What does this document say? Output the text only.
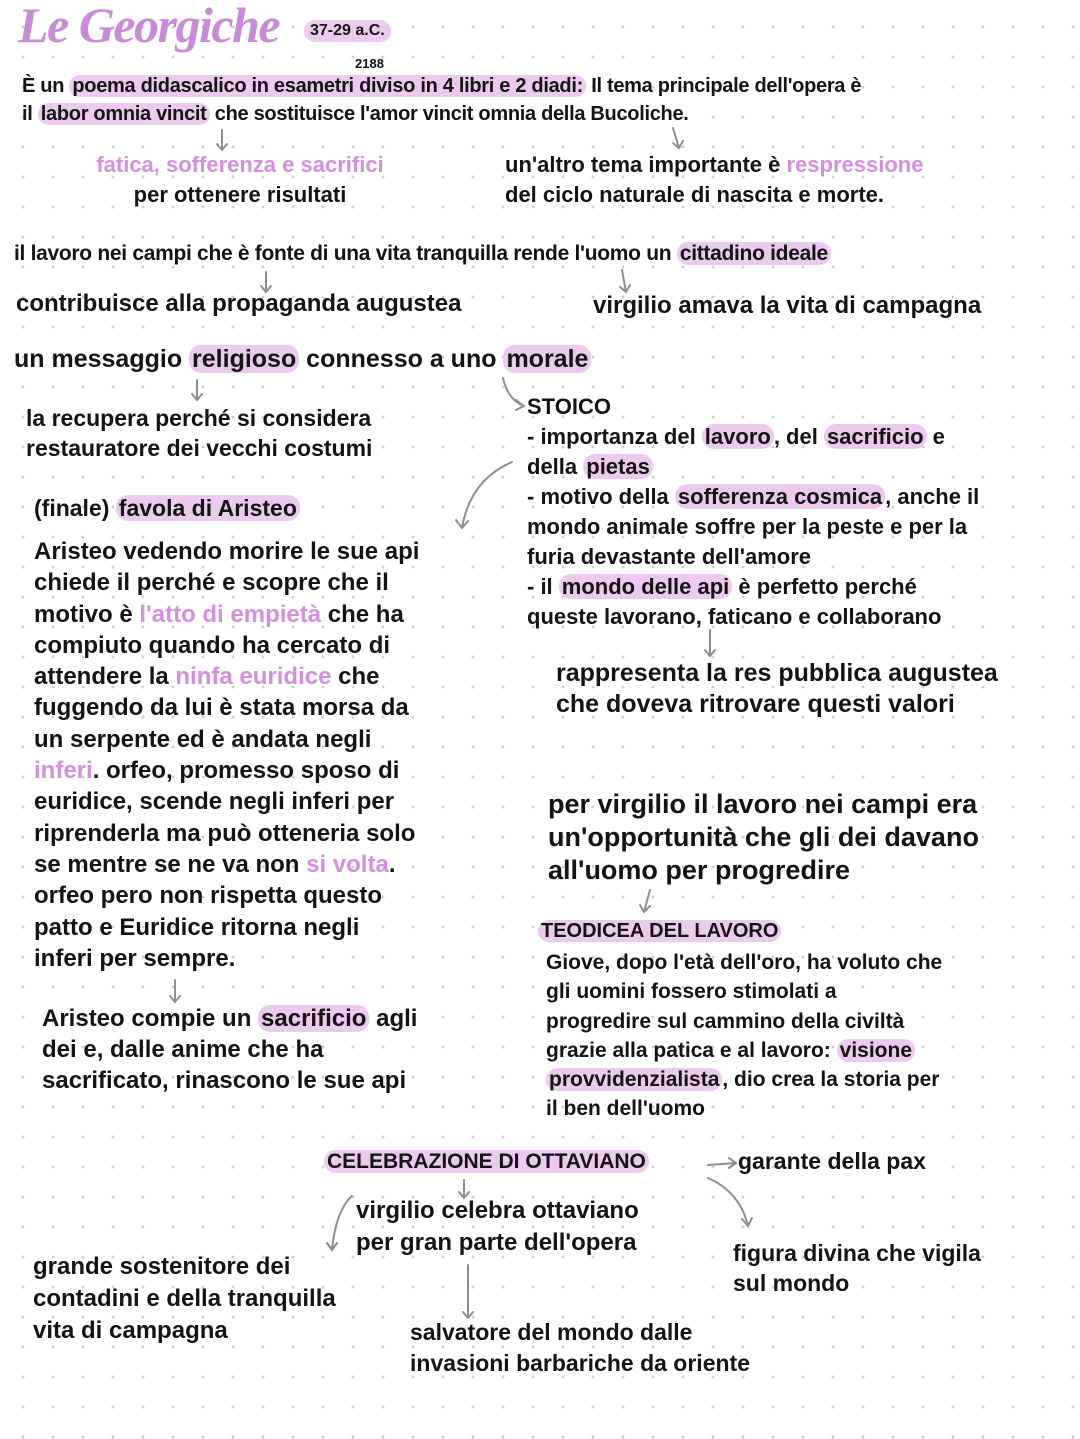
Le Georgiche	37-29 a.C.
2188
È un poema didascalico in esametri diviso in 4 libri e 2 diadi: Il tema principale dell'opera è
il labor omnia vincit che sostituisce l'amor vincit omnia della Bucoliche.
fatica, sofferenza e sacrifici
per ottenere risultati
un'altro tema importante è respressione
del ciclo naturale di nascita e morte.
il lavoro nei campi che è fonte di una vita tranquilla rende l'uomo un cittadino ideale
contribuisce alla propaganda augustea	virgilio amava la vita di campagna
un messaggio religioso connesso a uno morale
la recupera perché si considera
restauratore dei vecchi costumi
STOICO
- importanza del lavoro , del sacrificio e
della pietas
- motivo della sofferenza cosmica , anche il
mondo animale soffre per la peste e per la
furia devastante dell'amore
- il mondo delle api è perfetto perché
queste lavorano, faticano e collaborano
(finale) favola di Aristeo
Aristeo vedendo morire le sue api
chiede il perché e scopre che il
motivo è l'atto di empietà che ha
compiuto quando ha cercato di
attendere la ninfa euridice che
fuggendo da lui è stata morsa da
un serpente ed è andata negli
inferi. orfeo, promesso sposo di
euridice, scende negli inferi per
riprenderla ma può otteneria solo
se mentre se ne va non si volta.
orfeo pero non rispetta questo
patto e Euridice ritorna negli
inferi per sempre.
rappresenta la res pubblica augustea
che doveva ritrovare questi valori
per virgilio il lavoro nei campi era
un'opportunità che gli dei davano
all'uomo per progredire
TEODICEA DEL LAVORO
Giove, dopo l'età dell'oro, ha voluto che
gli uomini fossero stimolati a
progredire sul cammino della civiltà
grazie alla patica e al lavoro: visione
provvidenzialista , dio crea la storia per
il ben dell'uomo
Aristeo compie un sacrificio agli
dei e, dalle anime che ha
sacrificato, rinascono le sue api
CELEBRAZIONE DI OTTAVIANO	garante della pax
virgilio celebra ottaviano
per gran parte dell'opera
grande sostenitore dei
contadini e della tranquilla
vita di campagna
figura divina che vigila
sul mondo
salvatore del mondo dalle
invasioni barbariche da oriente
